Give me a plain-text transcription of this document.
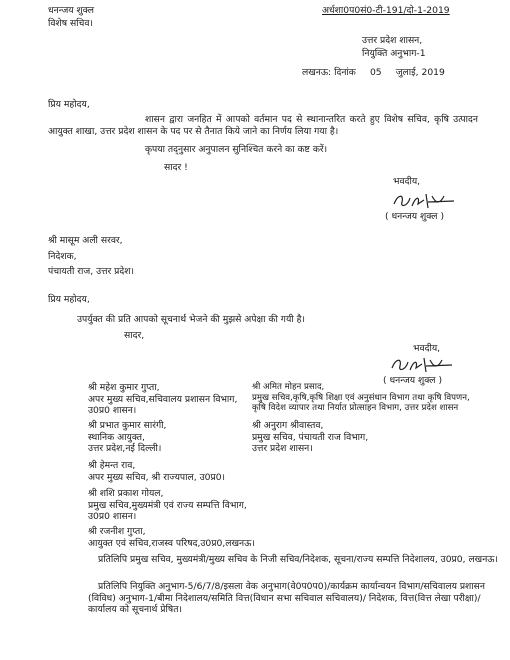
धनन्जय शुक्ल
विशेष सचिव।
अर्धशा0प0सं0-टी-191/दो-1-2019
उत्तर प्रदेश शासन,
नियुक्ति अनुभाग-1
लखनऊ: दिनांक 05 जुलाई, 2019
प्रिय महोदय,
शासन द्वारा जनहित में आपको वर्तमान पद से स्थानान्तरित करते हुए विशेष सचिव, कृषि उत्पादन आयुक्त शाखा, उत्तर प्रदेश शासन के पद पर से तैनात किये जाने का निर्णय लिया गया है।
कृपया तद्नुसार अनुपालन सुनिश्चित करने का कष्ट करें।
सादर !
भवदीय,
( धनन्जय शुक्ल )
श्री मासूम अली सरवर,
निदेशक,
पंचायती राज, उत्तर प्रदेश।
प्रिय महोदय,
उपर्युक्त की प्रति आपको सूचनार्थ भेजने की मुझसे अपेक्षा की गयी है।
सादर,
भवदीय,
( धनन्जय शुक्ल )
श्री महेश कुमार गुप्ता,
अपर मुख्य सचिव,सचिवालय प्रशासन विभाग,
उ0प्र0 शासन।
श्री प्रभात कुमार सारंगी,
स्थानिक आयुक्त,
उत्तर प्रदेश,नई दिल्ली।
श्री हेमन्त राव,
अपर मुख्य सचिव, श्री राज्यपाल, उ0प्र0।
श्री शशि प्रकाश गोयल,
प्रमुख सचिव,मुख्यमंत्री एवं राज्य सम्पत्ति विभाग,
उ0प्र0 शासन।
श्री रजनीश गुप्ता,
आयुक्त एवं सचिव,राजस्व परिषद,उ0प्र0,लखनऊ।
श्री अमित मोहन प्रसाद,
प्रमुख सचिव,कृषि,कृषि शिक्षा एवं अनुसंधान विभाग तथा कृषि विपणन,
कृषि विदेश व्यापार तथा निर्यात प्रोत्साहन विभाग, उत्तर प्रदेश शासन
श्री अनुराग श्रीवास्तव,
प्रमुख सचिव, पंचायती राज विभाग,
उत्तर प्रदेश शासन।
प्रतिलिपि प्रमुख सचिव, मुख्यमंत्री/मुख्य सचिव के निजी सचिव/निदेशक, सूचना/राज्य सम्पत्ति निदेशालय, उ0प्र0, लखनऊ।
प्रतिलिपि नियुक्ति अनुभाग-5/6/7/8/इसला वेक अनुभाग(वे0प0प0)/कार्यक्रम कार्यान्वयन विभाग/सचिवालय प्रशासन (विविध) अनुभाग-1/बीमा निदेशालय/समिति वित्त(विधान सभा सचिवाल सचिवालय)/ निदेशक, वित्त(वित्त लेखा परीक्षा)/कार्यालय को सूचनार्थ प्रेषित।
